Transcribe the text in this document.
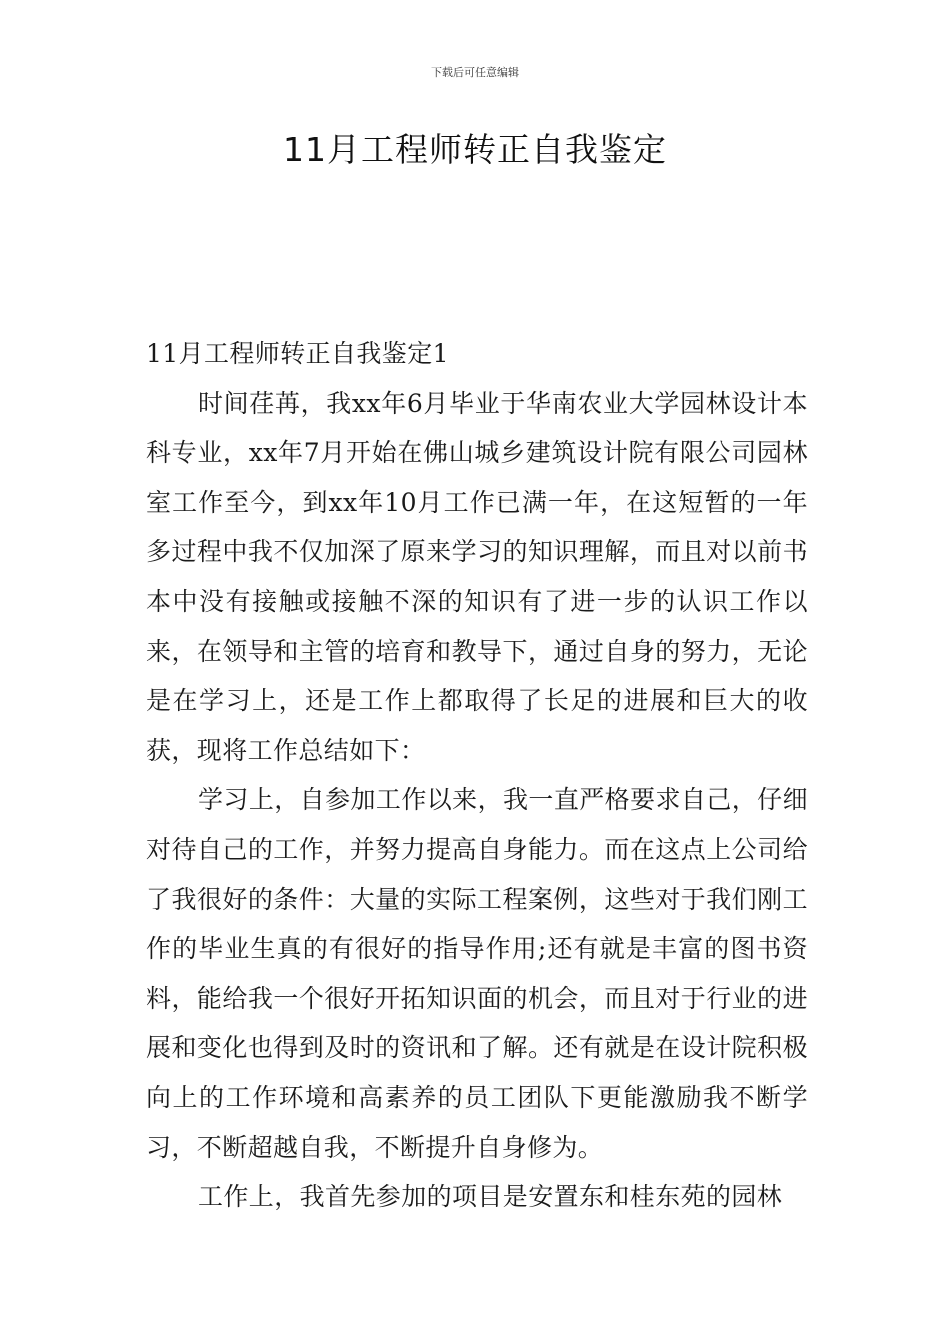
下载后可任意编辑
11月工程师转正自我鉴定

11月工程师转正自我鉴定1

时间荏苒，我xx年6月毕业于华南农业大学园林设计本科专业，xx年7月开始在佛山城乡建筑设计院有限公司园林室工作至今，到xx年10月工作已满一年，在这短暂的一年多过程中我不仅加深了原来学习的知识理解，而且对以前书本中没有接触或接触不深的知识有了进一步的认识工作以来，在领导和主管的培育和教导下，通过自身的努力，无论是在学习上，还是工作上都取得了长足的进展和巨大的收获，现将工作总结如下：

学习上，自参加工作以来，我一直严格要求自己，仔细对待自己的工作，并努力提高自身能力。而在这点上公司给了我很好的条件：大量的实际工程案例，这些对于我们刚工作的毕业生真的有很好的指导作用;还有就是丰富的图书资料，能给我一个很好开拓知识面的机会，而且对于行业的进展和变化也得到及时的资讯和了解。还有就是在设计院积极向上的工作环境和高素养的员工团队下更能激励我不断学习，不断超越自我，不断提升自身修为。

工作上，我首先参加的项目是安置东和桂东苑的园林
